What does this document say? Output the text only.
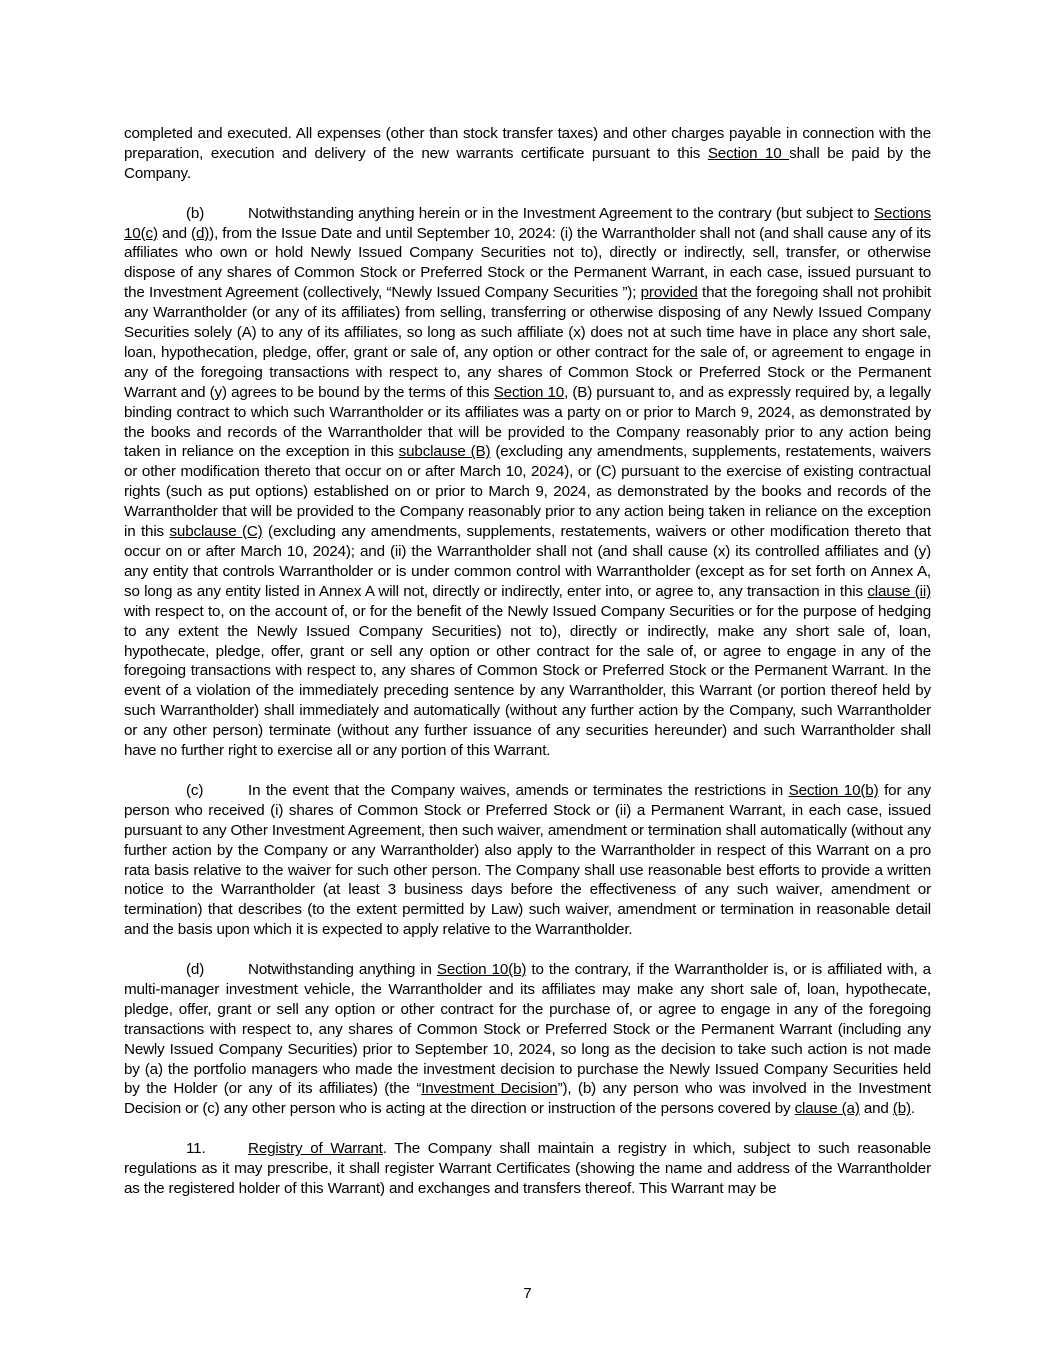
completed and executed. All expenses (other than stock transfer taxes) and other charges payable in connection with the preparation, execution and delivery of the new warrants certificate pursuant to this Section 10 shall be paid by the Company.

(b)	Notwithstanding anything herein or in the Investment Agreement to the contrary (but subject to Sections 10(c) and (d)), from the Issue Date and until September 10, 2024: (i) the Warrantholder shall not (and shall cause any of its affiliates who own or hold Newly Issued Company Securities not to), directly or indirectly, sell, transfer, or otherwise dispose of any shares of Common Stock or Preferred Stock or the Permanent Warrant, in each case, issued pursuant to the Investment Agreement (collectively, “Newly Issued Company Securities ”); provided that the foregoing shall not prohibit any Warrantholder (or any of its affiliates) from selling, transferring or otherwise disposing of any Newly Issued Company Securities solely (A) to any of its affiliates, so long as such affiliate (x) does not at such time have in place any short sale, loan, hypothecation, pledge, offer, grant or sale of, any option or other contract for the sale of, or agreement to engage in any of the foregoing transactions with respect to, any shares of Common Stock or Preferred Stock or the Permanent Warrant and (y) agrees to be bound by the terms of this Section 10, (B) pursuant to, and as expressly required by, a legally binding contract to which such Warrantholder or its affiliates was a party on or prior to March 9, 2024, as demonstrated by the books and records of the Warrantholder that will be provided to the Company reasonably prior to any action being taken in reliance on the exception in this subclause (B) (excluding any amendments, supplements, restatements, waivers or other modification thereto that occur on or after March 10, 2024), or (C) pursuant to the exercise of existing contractual rights (such as put options) established on or prior to March 9, 2024, as demonstrated by the books and records of the Warrantholder that will be provided to the Company reasonably prior to any action being taken in reliance on the exception in this subclause (C) (excluding any amendments, supplements, restatements, waivers or other modification thereto that occur on or after March 10, 2024); and (ii) the Warrantholder shall not (and shall cause (x) its controlled affiliates and (y) any entity that controls Warrantholder or is under common control with Warrantholder (except as for set forth on Annex A, so long as any entity listed in Annex A will not, directly or indirectly, enter into, or agree to, any transaction in this clause (ii) with respect to, on the account of, or for the benefit of the Newly Issued Company Securities or for the purpose of hedging to any extent the Newly Issued Company Securities) not to), directly or indirectly, make any short sale of, loan, hypothecate, pledge, offer, grant or sell any option or other contract for the sale of, or agree to engage in any of the foregoing transactions with respect to, any shares of Common Stock or Preferred Stock or the Permanent Warrant. In the event of a violation of the immediately preceding sentence by any Warrantholder, this Warrant (or portion thereof held by such Warrantholder) shall immediately and automatically (without any further action by the Company, such Warrantholder or any other person) terminate (without any further issuance of any securities hereunder) and such Warrantholder shall have no further right to exercise all or any portion of this Warrant.

(c)	In the event that the Company waives, amends or terminates the restrictions in Section 10(b) for any person who received (i) shares of Common Stock or Preferred Stock or (ii) a Permanent Warrant, in each case, issued pursuant to any Other Investment Agreement, then such waiver, amendment or termination shall automatically (without any further action by the Company or any Warrantholder) also apply to the Warrantholder in respect of this Warrant on a pro rata basis relative to the waiver for such other person. The Company shall use reasonable best efforts to provide a written notice to the Warrantholder (at least 3 business days before the effectiveness of any such waiver, amendment or termination) that describes (to the extent permitted by Law) such waiver, amendment or termination in reasonable detail and the basis upon which it is expected to apply relative to the Warrantholder.

(d)	Notwithstanding anything in Section 10(b) to the contrary, if the Warrantholder is, or is affiliated with, a multi-manager investment vehicle, the Warrantholder and its affiliates may make any short sale of, loan, hypothecate, pledge, offer, grant or sell any option or other contract for the purchase of, or agree to engage in any of the foregoing transactions with respect to, any shares of Common Stock or Preferred Stock or the Permanent Warrant (including any Newly Issued Company Securities) prior to September 10, 2024, so long as the decision to take such action is not made by (a) the portfolio managers who made the investment decision to purchase the Newly Issued Company Securities held by the Holder (or any of its affiliates) (the “Investment Decision”), (b) any person who was involved in the Investment Decision or (c) any other person who is acting at the direction or instruction of the persons covered by clause (a) and (b).

11.	Registry of Warrant. The Company shall maintain a registry in which, subject to such reasonable regulations as it may prescribe, it shall register Warrant Certificates (showing the name and address of the Warrantholder as the registered holder of this Warrant) and exchanges and transfers thereof. This Warrant may be

7
